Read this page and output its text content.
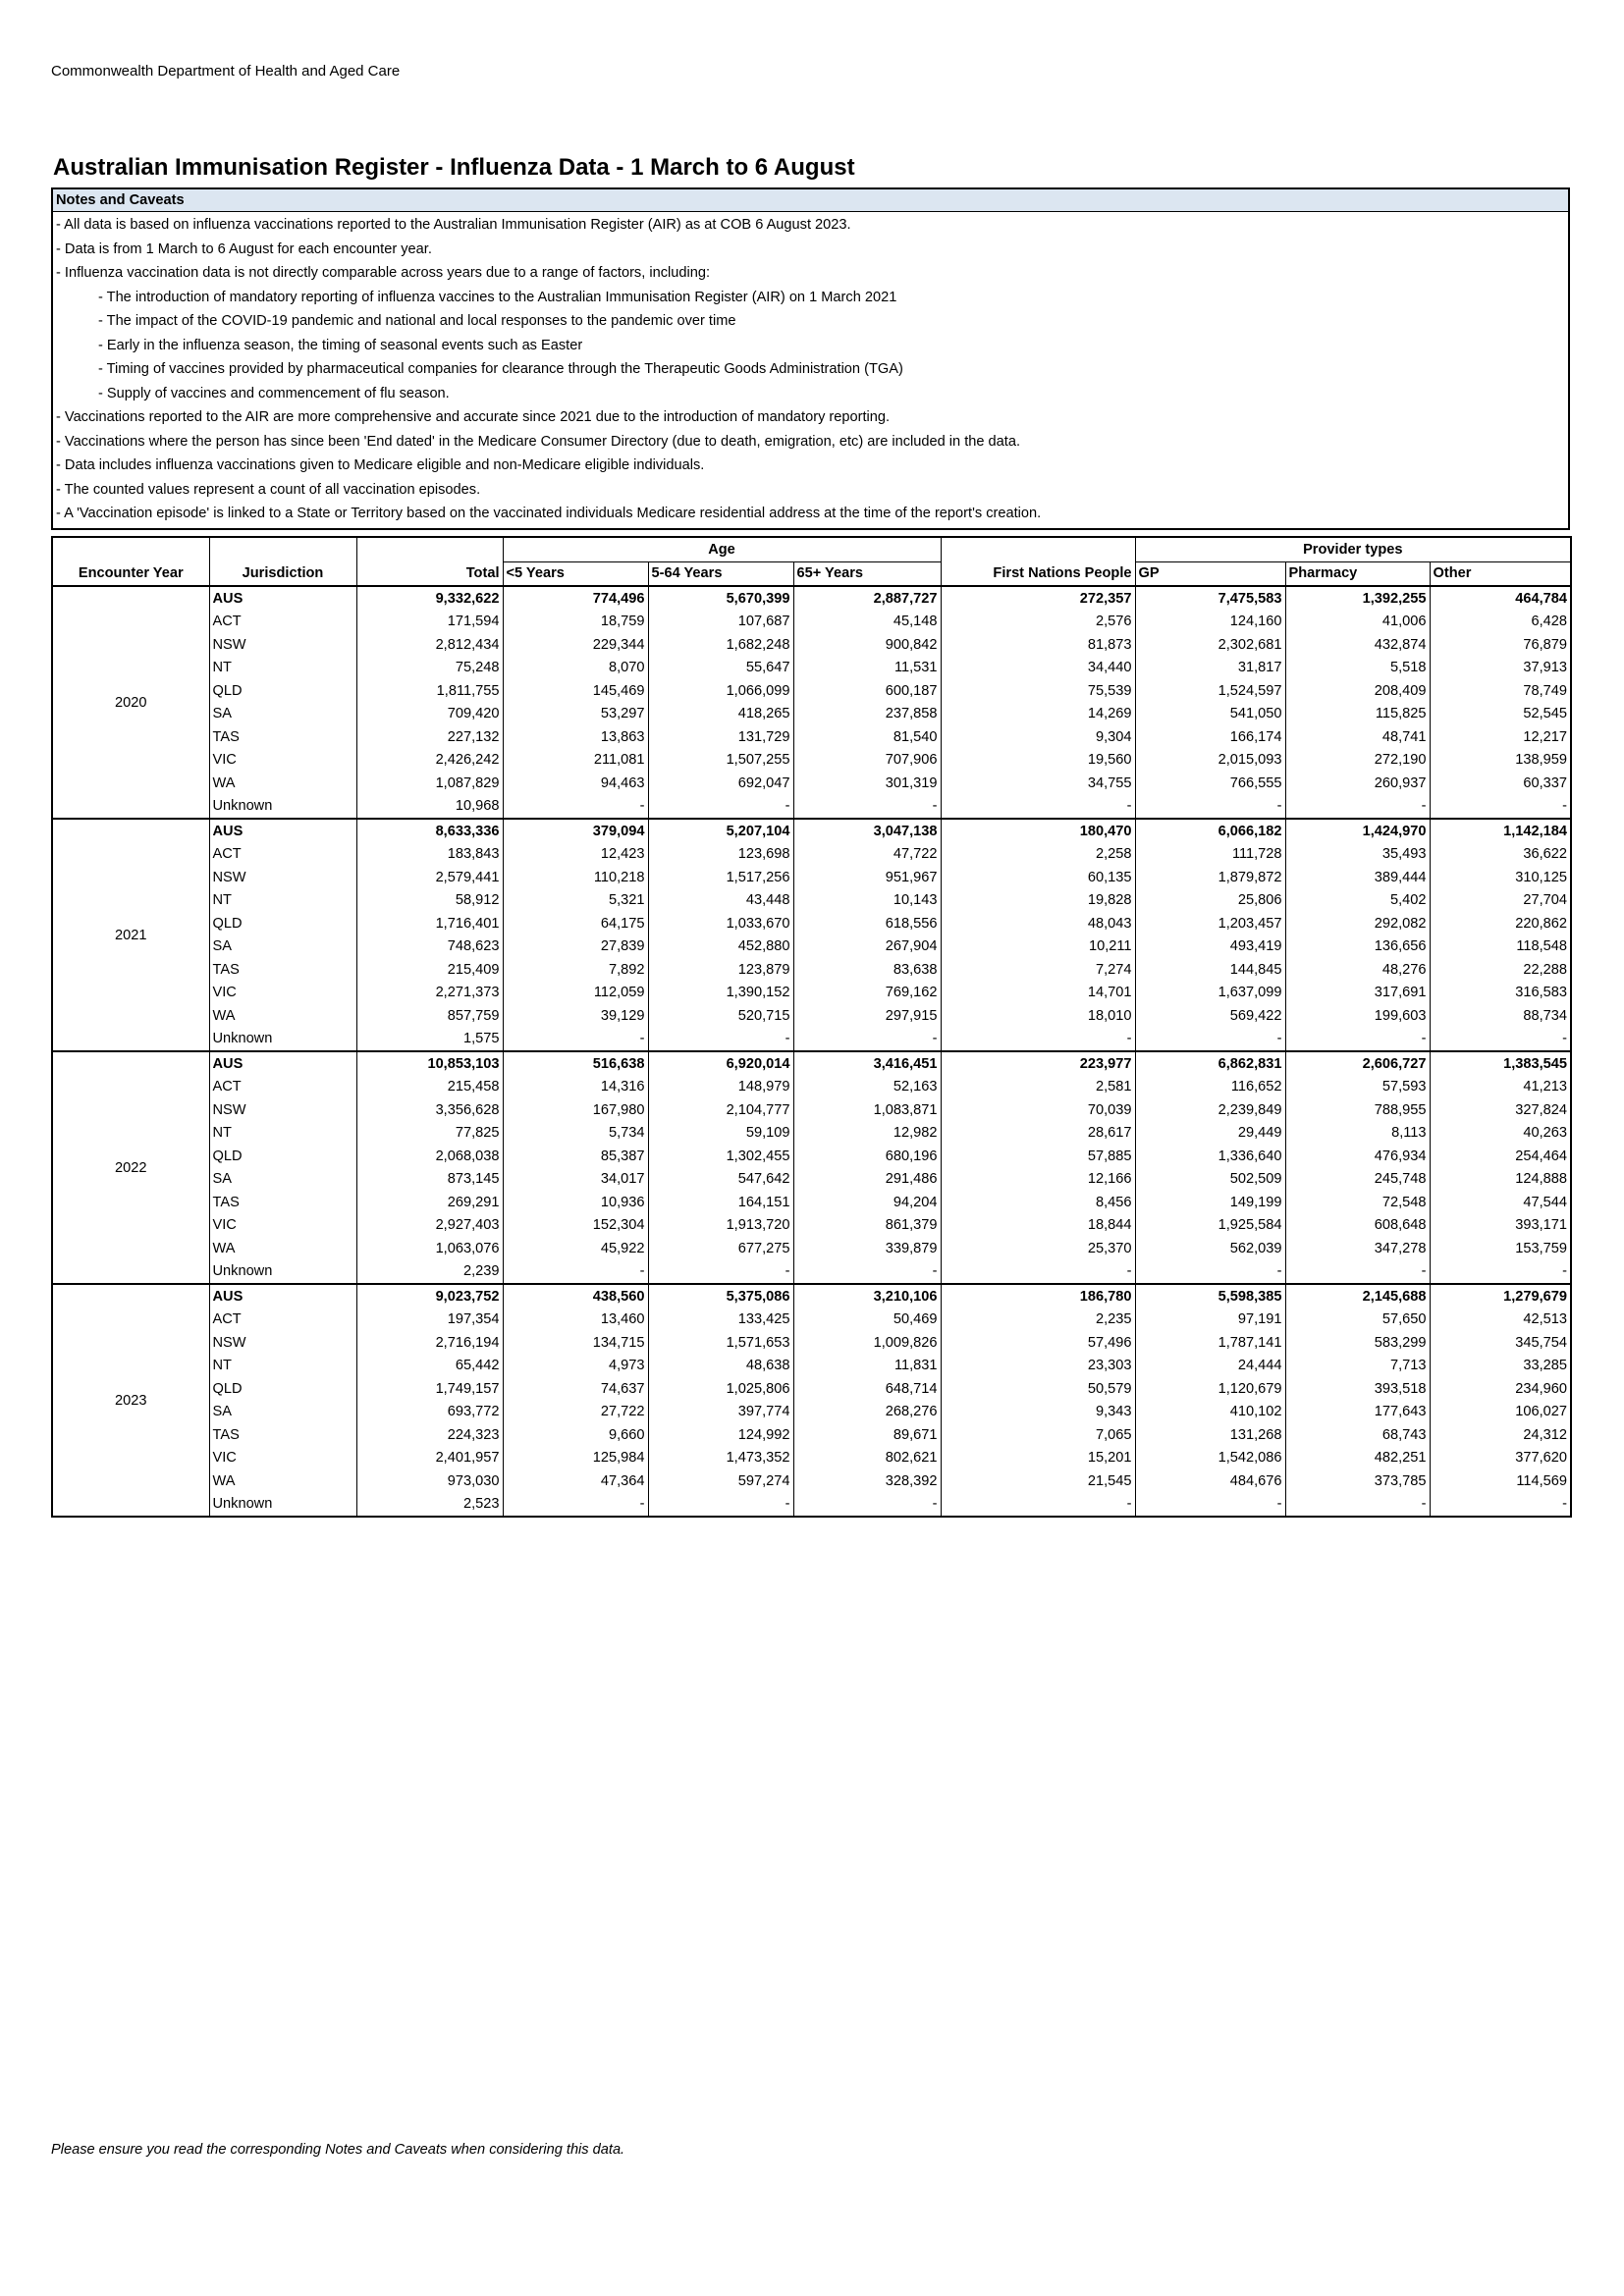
Commonwealth Department of Health and Aged Care
Australian Immunisation Register - Influenza Data - 1 March to 6 August
Notes and Caveats
- All data is based on influenza vaccinations reported to the Australian Immunisation Register (AIR) as at COB 6 August 2023.
- Data is from 1 March to 6 August for each encounter year.
- Influenza vaccination data is not directly comparable across years due to a range of factors, including:
- The introduction of mandatory reporting of influenza vaccines to the Australian Immunisation Register (AIR) on 1 March 2021
- The impact of the COVID-19 pandemic and national and local responses to the pandemic over time
- Early in the influenza season, the timing of seasonal events such as Easter
- Timing of vaccines provided by pharmaceutical companies for clearance through the Therapeutic Goods Administration (TGA)
- Supply of vaccines and commencement of flu season.
- Vaccinations reported to the AIR are more comprehensive and accurate since 2021 due to the introduction of mandatory reporting.
- Vaccinations where the person has since been 'End dated' in the Medicare Consumer Directory (due to death, emigration, etc) are included in the data.
- Data includes influenza vaccinations given to Medicare eligible and non-Medicare eligible individuals.
- The counted values represent a count of all vaccination episodes.
- A 'Vaccination episode' is linked to a State or Territory based on the vaccinated individuals Medicare residential address at the time of the report's creation.
			Age				Provider types		
Encounter Year	Jurisdiction	Total	<5 Years	5-64 Years	65+ Years	First Nations People	GP	Pharmacy	Other
2020	AUS	9,332,622	774,496	5,670,399	2,887,727	272,357	7,475,583	1,392,255	464,784
	ACT	171,594	18,759	107,687	45,148	2,576	124,160	41,006	6,428
	NSW	2,812,434	229,344	1,682,248	900,842	81,873	2,302,681	432,874	76,879
	NT	75,248	8,070	55,647	11,531	34,440	31,817	5,518	37,913
	QLD	1,811,755	145,469	1,066,099	600,187	75,539	1,524,597	208,409	78,749
	SA	709,420	53,297	418,265	237,858	14,269	541,050	115,825	52,545
	TAS	227,132	13,863	131,729	81,540	9,304	166,174	48,741	12,217
	VIC	2,426,242	211,081	1,507,255	707,906	19,560	2,015,093	272,190	138,959
	WA	1,087,829	94,463	692,047	301,319	34,755	766,555	260,937	60,337
	Unknown	10,968	-	-	-	-	-	-	-
2021	AUS	8,633,336	379,094	5,207,104	3,047,138	180,470	6,066,182	1,424,970	1,142,184
	ACT	183,843	12,423	123,698	47,722	2,258	111,728	35,493	36,622
	NSW	2,579,441	110,218	1,517,256	951,967	60,135	1,879,872	389,444	310,125
	NT	58,912	5,321	43,448	10,143	19,828	25,806	5,402	27,704
	QLD	1,716,401	64,175	1,033,670	618,556	48,043	1,203,457	292,082	220,862
	SA	748,623	27,839	452,880	267,904	10,211	493,419	136,656	118,548
	TAS	215,409	7,892	123,879	83,638	7,274	144,845	48,276	22,288
	VIC	2,271,373	112,059	1,390,152	769,162	14,701	1,637,099	317,691	316,583
	WA	857,759	39,129	520,715	297,915	18,010	569,422	199,603	88,734
	Unknown	1,575	-	-	-	-	-	-	-
2022	AUS	10,853,103	516,638	6,920,014	3,416,451	223,977	6,862,831	2,606,727	1,383,545
	ACT	215,458	14,316	148,979	52,163	2,581	116,652	57,593	41,213
	NSW	3,356,628	167,980	2,104,777	1,083,871	70,039	2,239,849	788,955	327,824
	NT	77,825	5,734	59,109	12,982	28,617	29,449	8,113	40,263
	QLD	2,068,038	85,387	1,302,455	680,196	57,885	1,336,640	476,934	254,464
	SA	873,145	34,017	547,642	291,486	12,166	502,509	245,748	124,888
	TAS	269,291	10,936	164,151	94,204	8,456	149,199	72,548	47,544
	VIC	2,927,403	152,304	1,913,720	861,379	18,844	1,925,584	608,648	393,171
	WA	1,063,076	45,922	677,275	339,879	25,370	562,039	347,278	153,759
	Unknown	2,239	-	-	-	-	-	-	-
2023	AUS	9,023,752	438,560	5,375,086	3,210,106	186,780	5,598,385	2,145,688	1,279,679
	ACT	197,354	13,460	133,425	50,469	2,235	97,191	57,650	42,513
	NSW	2,716,194	134,715	1,571,653	1,009,826	57,496	1,787,141	583,299	345,754
	NT	65,442	4,973	48,638	11,831	23,303	24,444	7,713	33,285
	QLD	1,749,157	74,637	1,025,806	648,714	50,579	1,120,679	393,518	234,960
	SA	693,772	27,722	397,774	268,276	9,343	410,102	177,643	106,027
	TAS	224,323	9,660	124,992	89,671	7,065	131,268	68,743	24,312
	VIC	2,401,957	125,984	1,473,352	802,621	15,201	1,542,086	482,251	377,620
	WA	973,030	47,364	597,274	328,392	21,545	484,676	373,785	114,569
	Unknown	2,523	-	-	-	-	-	-	-
Please ensure you read the corresponding Notes and Caveats when considering this data.
